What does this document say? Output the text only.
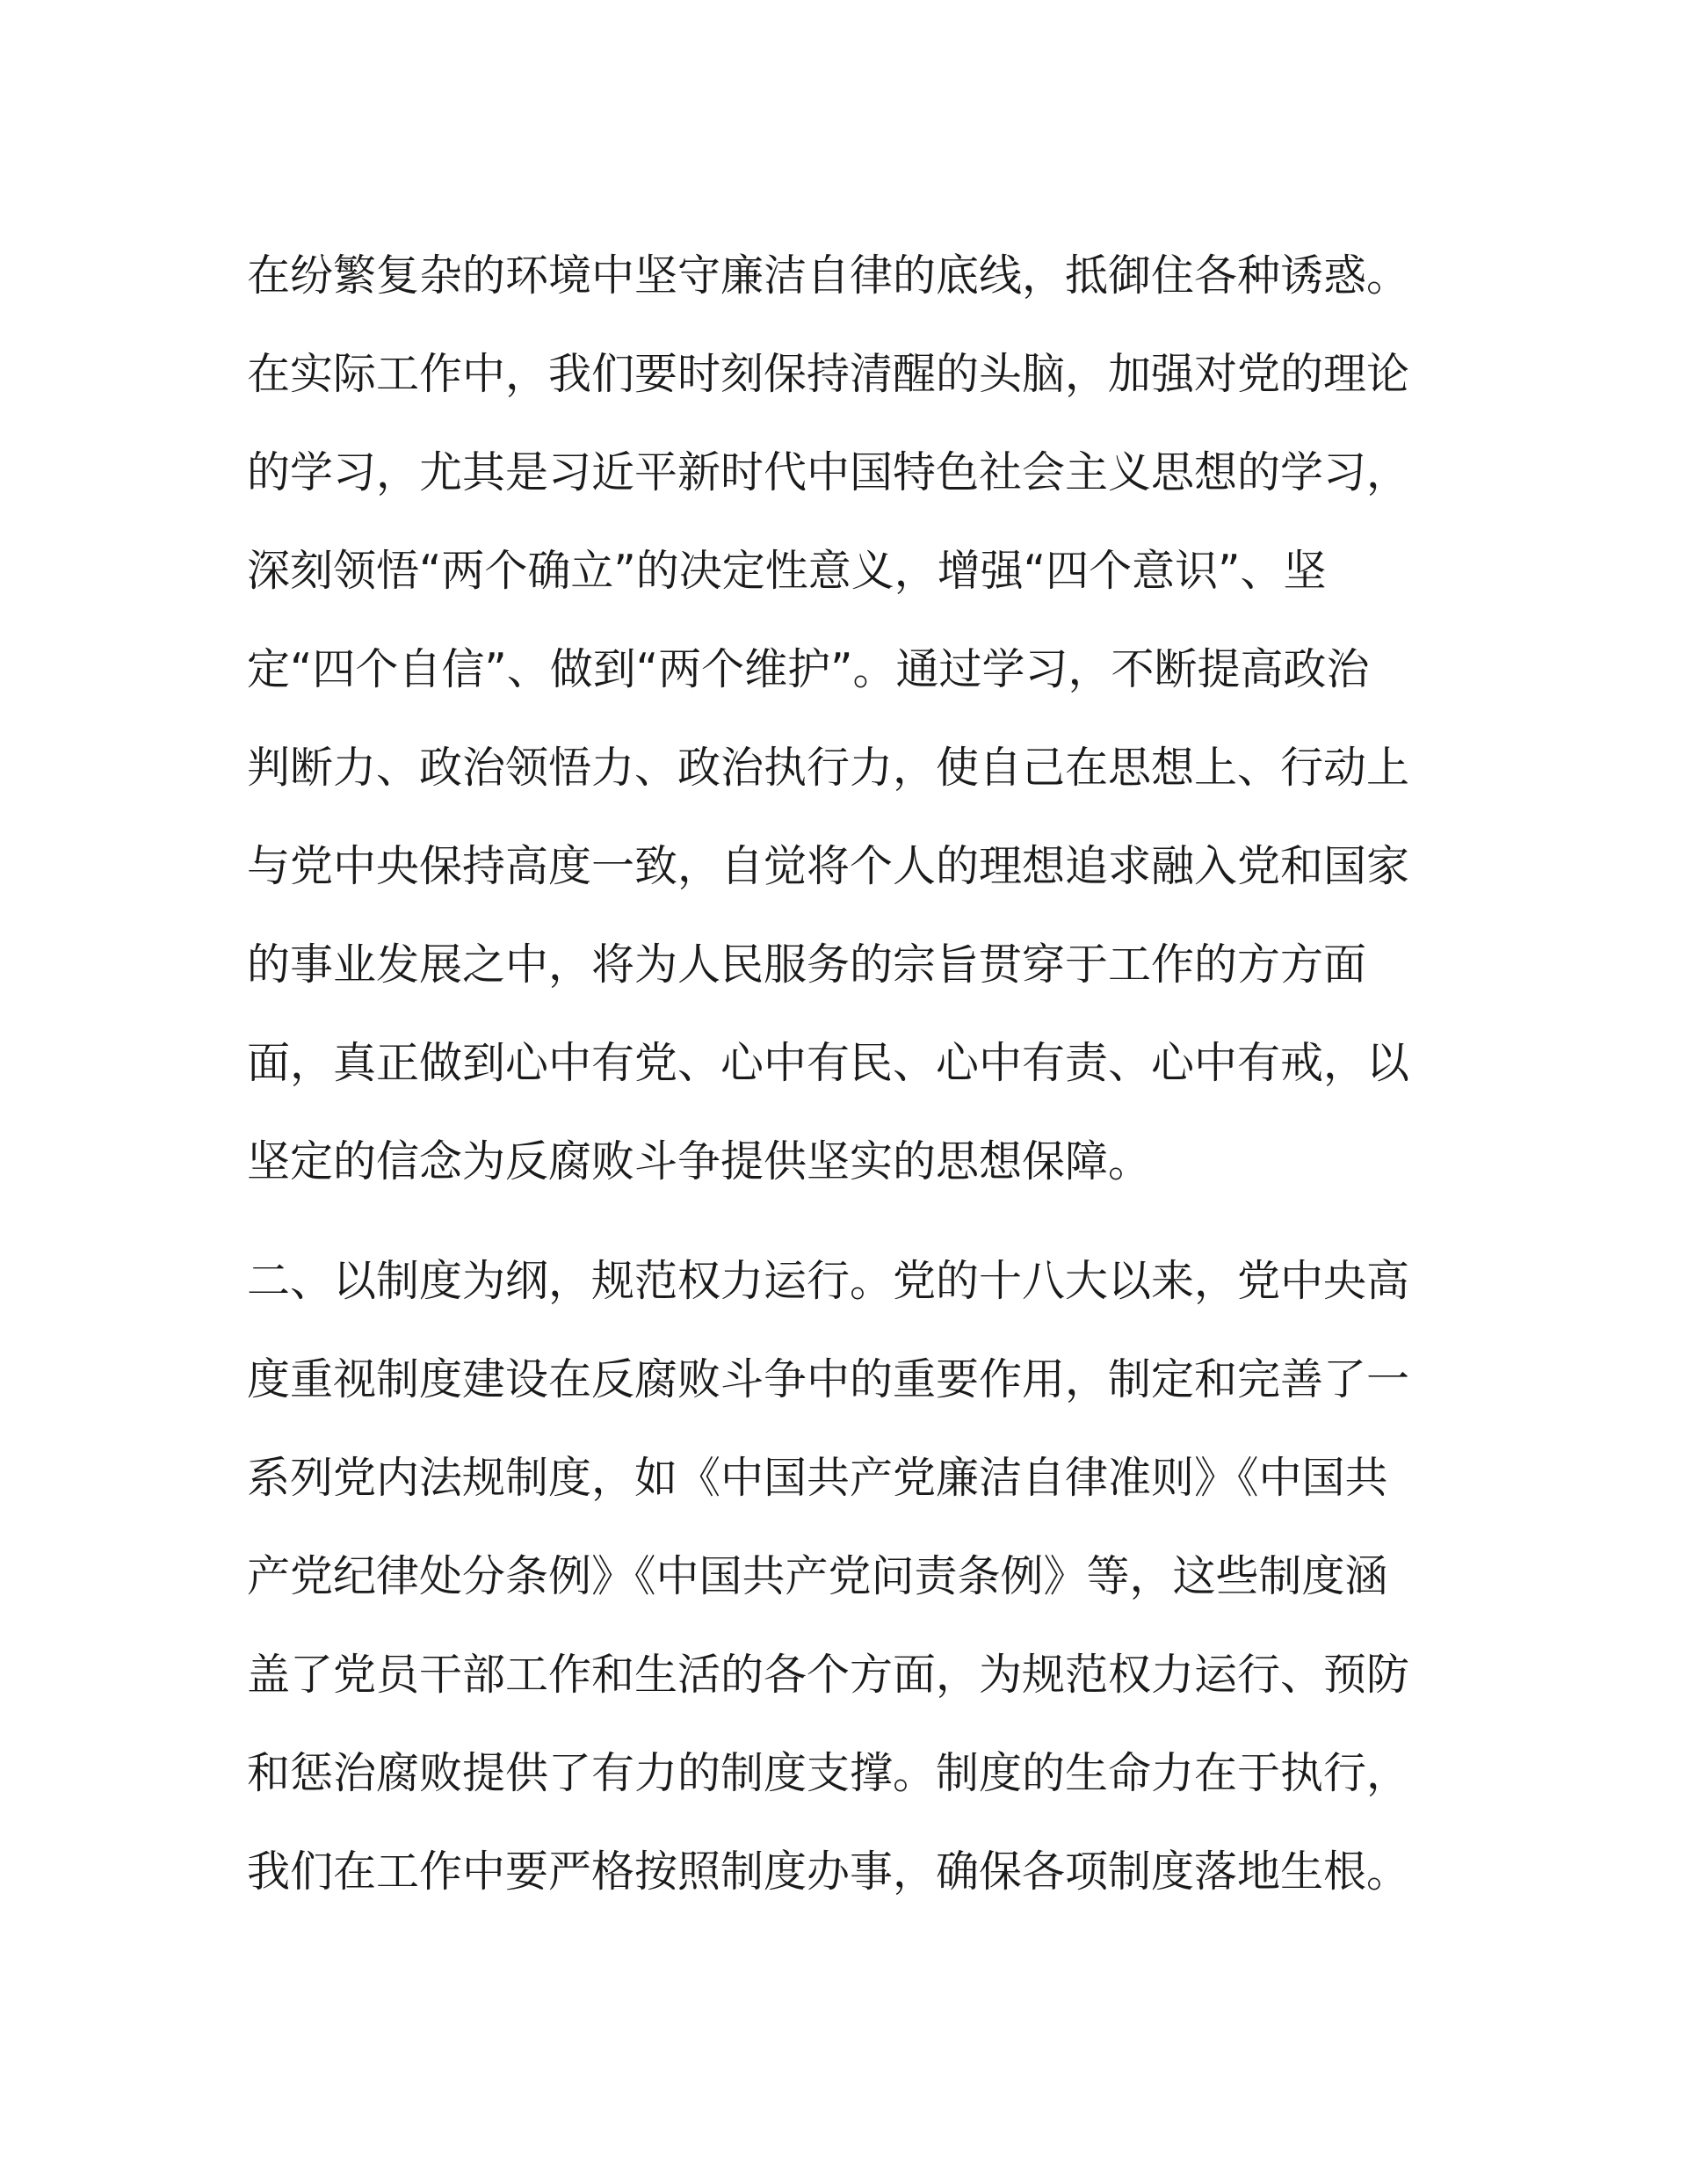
在纷繁复杂的环境中坚守廉洁自律的底线，抵御住各种诱惑。
在实际工作中，我们要时刻保持清醒的头脑，加强对党的理论
的学习，尤其是习近平新时代中国特色社会主义思想的学习，
深刻领悟“两个确立”的决定性意义，增强“四个意识”、坚
定“四个自信”、做到“两个维护”。通过学习，不断提高政治
判断力、政治领悟力、政治执行力，使自己在思想上、行动上
与党中央保持高度一致，自觉将个人的理想追求融入党和国家
的事业发展之中，将为人民服务的宗旨贯穿于工作的方方面
面，真正做到心中有党、心中有民、心中有责、心中有戒，以
坚定的信念为反腐败斗争提供坚实的思想保障。
二、以制度为纲，规范权力运行。党的十八大以来，党中央高
度重视制度建设在反腐败斗争中的重要作用，制定和完善了一
系列党内法规制度，如《中国共产党廉洁自律准则》《中国共
产党纪律处分条例》《中国共产党问责条例》等，这些制度涵
盖了党员干部工作和生活的各个方面，为规范权力运行、预防
和惩治腐败提供了有力的制度支撑。制度的生命力在于执行，
我们在工作中要严格按照制度办事，确保各项制度落地生根。
